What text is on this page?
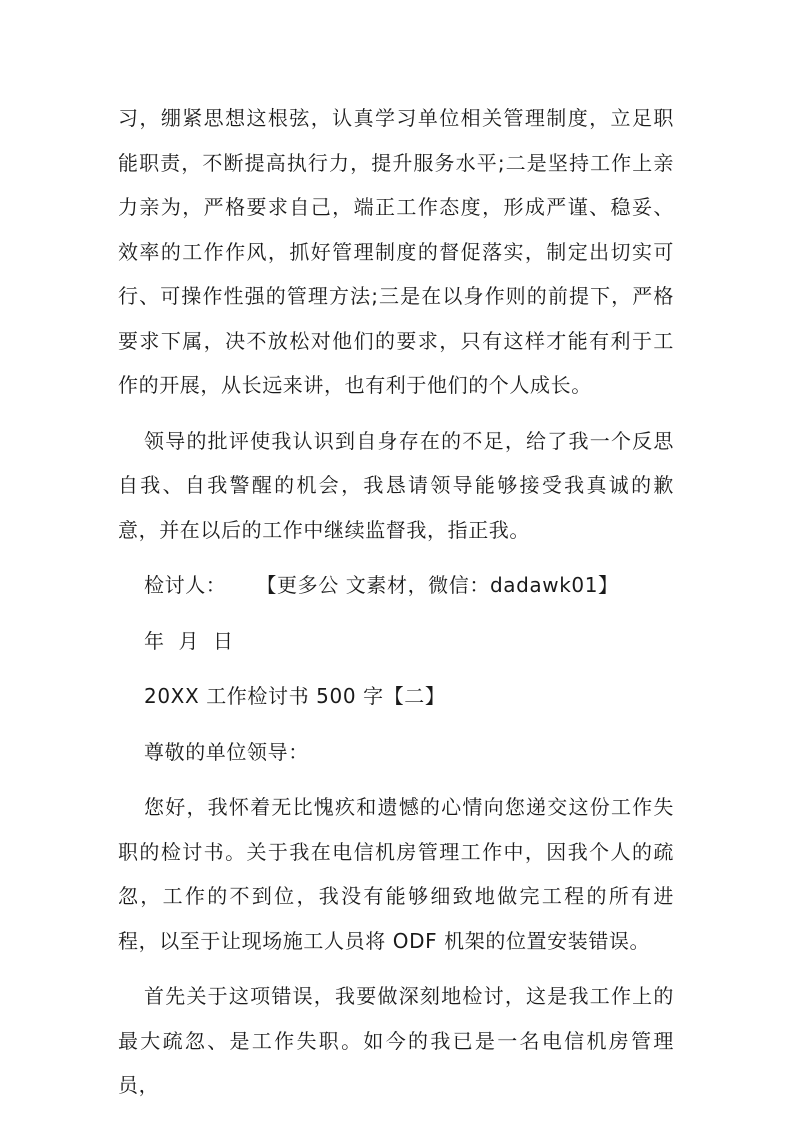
习，绷紧思想这根弦，认真学习单位相关管理制度，立足职能职责，不断提高执行力，提升服务水平;二是坚持工作上亲力亲为，严格要求自己，端正工作态度，形成严谨、稳妥、效率的工作作风，抓好管理制度的督促落实，制定出切实可行、可操作性强的管理方法;三是在以身作则的前提下，严格要求下属，决不放松对他们的要求，只有这样才能有利于工作的开展，从长远来讲，也有利于他们的个人成长。

领导的批评使我认识到自身存在的不足，给了我一个反思自我、自我警醒的机会，我恳请领导能够接受我真诚的歉意，并在以后的工作中继续监督我，指正我。

检讨人： 【更多公 文素材，微信：dadawk01】
年  月  日
20XX 工作检讨书 500 字【二】
尊敬的单位领导：

您好，我怀着无比愧疚和遗憾的心情向您递交这份工作失职的检讨书。关于我在电信机房管理工作中，因我个人的疏忽，工作的不到位，我没有能够细致地做完工程的所有进程，以至于让现场施工人员将 ODF 机架的位置安装错误。

首先关于这项错误，我要做深刻地检讨，这是我工作上的最大疏忽、是工作失职。如今的我已是一名电信机房管理员，
